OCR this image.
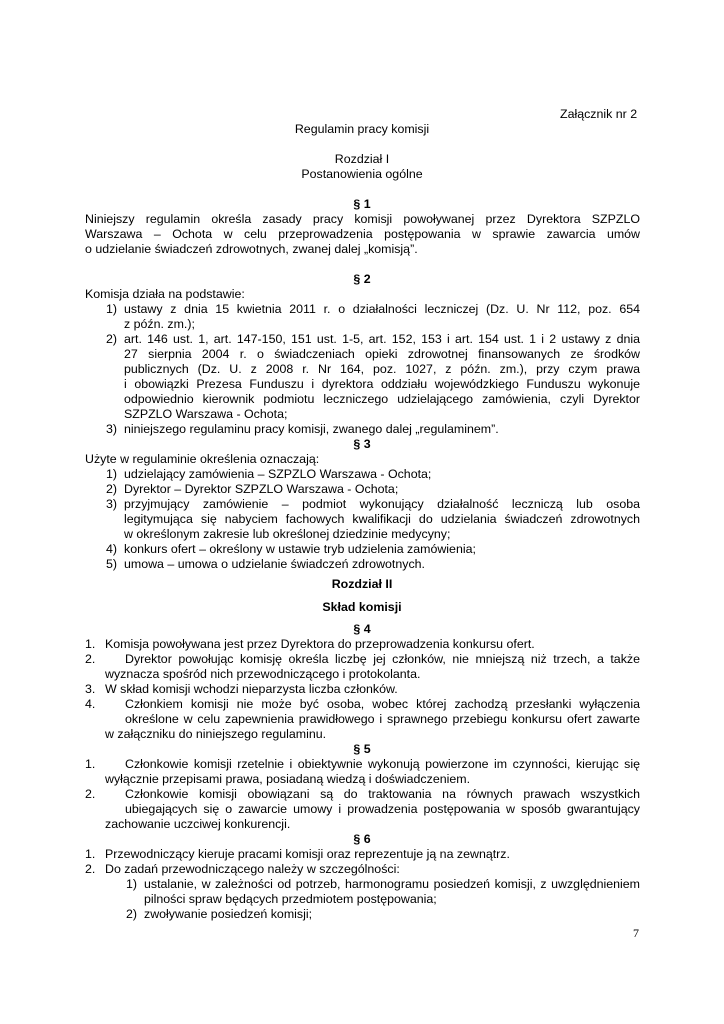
Załącznik nr 2
Regulamin pracy komisji
Rozdział I
Postanowienia ogólne
§ 1
Niniejszy regulamin określa zasady pracy komisji powoływanej przez Dyrektora SZPZLO
Warszawa – Ochota w celu przeprowadzenia postępowania w sprawie zawarcia umów
o udzielanie świadczeń zdrowotnych, zwanej dalej „komisją”.
§ 2
Komisja działa na podstawie:
1) ustawy z dnia 15 kwietnia 2011 r. o działalności leczniczej (Dz. U. Nr 112, poz. 654
z późn. zm.);
2) art. 146 ust. 1, art. 147-150, 151 ust. 1-5, art. 152, 153 i art. 154 ust. 1 i 2 ustawy z dnia
27 sierpnia 2004 r. o świadczeniach opieki zdrowotnej finansowanych ze środków
publicznych (Dz. U. z 2008 r. Nr 164, poz. 1027, z późn. zm.), przy czym prawa
i obowiązki Prezesa Funduszu i dyrektora oddziału wojewódzkiego Funduszu wykonuje
odpowiednio kierownik podmiotu leczniczego udzielającego zamówienia, czyli Dyrektor
SZPZLO Warszawa - Ochota;
3) niniejszego regulaminu pracy komisji, zwanego dalej „regulaminem”.
§ 3
Użyte w regulaminie określenia oznaczają:
1) udzielający zamówienia – SZPZLO Warszawa - Ochota;
2) Dyrektor – Dyrektor SZPZLO Warszawa - Ochota;
3) przyjmujący zamówienie – podmiot wykonujący działalność leczniczą lub osoba
legitymująca się nabyciem fachowych kwalifikacji do udzielania świadczeń zdrowotnych
w określonym zakresie lub określonej dziedzinie medycyny;
4) konkurs ofert – określony w ustawie tryb udzielenia zamówienia;
5) umowa – umowa o udzielanie świadczeń zdrowotnych.
Rozdział II
Skład komisji
§ 4
1. Komisja powoływana jest przez Dyrektora do przeprowadzenia konkursu ofert.
2. Dyrektor powołując komisję określa liczbę jej członków, nie mniejszą niż trzech, a także
wyznacza spośród nich przewodniczącego i protokolanta.
3. W skład komisji wchodzi nieparzysta liczba członków.
4. Członkiem komisji nie może być osoba, wobec której zachodzą przesłanki wyłączenia
określone w celu zapewnienia prawidłowego i sprawnego przebiegu konkursu ofert zawarte
w załączniku do niniejszego regulaminu.
§ 5
1. Członkowie komisji rzetelnie i obiektywnie wykonują powierzone im czynności, kierując się
wyłącznie przepisami prawa, posiadaną wiedzą i doświadczeniem.
2. Członkowie komisji obowiązani są do traktowania na równych prawach wszystkich
ubiegających się o zawarcie umowy i prowadzenia postępowania w sposób gwarantujący
zachowanie uczciwej konkurencji.
§ 6
1. Przewodniczący kieruje pracami komisji oraz reprezentuje ją na zewnątrz.
2. Do zadań przewodniczącego należy w szczególności:
1) ustalanie, w zależności od potrzeb, harmonogramu posiedzeń komisji, z uwzględnieniem
pilności spraw będących przedmiotem postępowania;
2) zwoływanie posiedzeń komisji;
7
